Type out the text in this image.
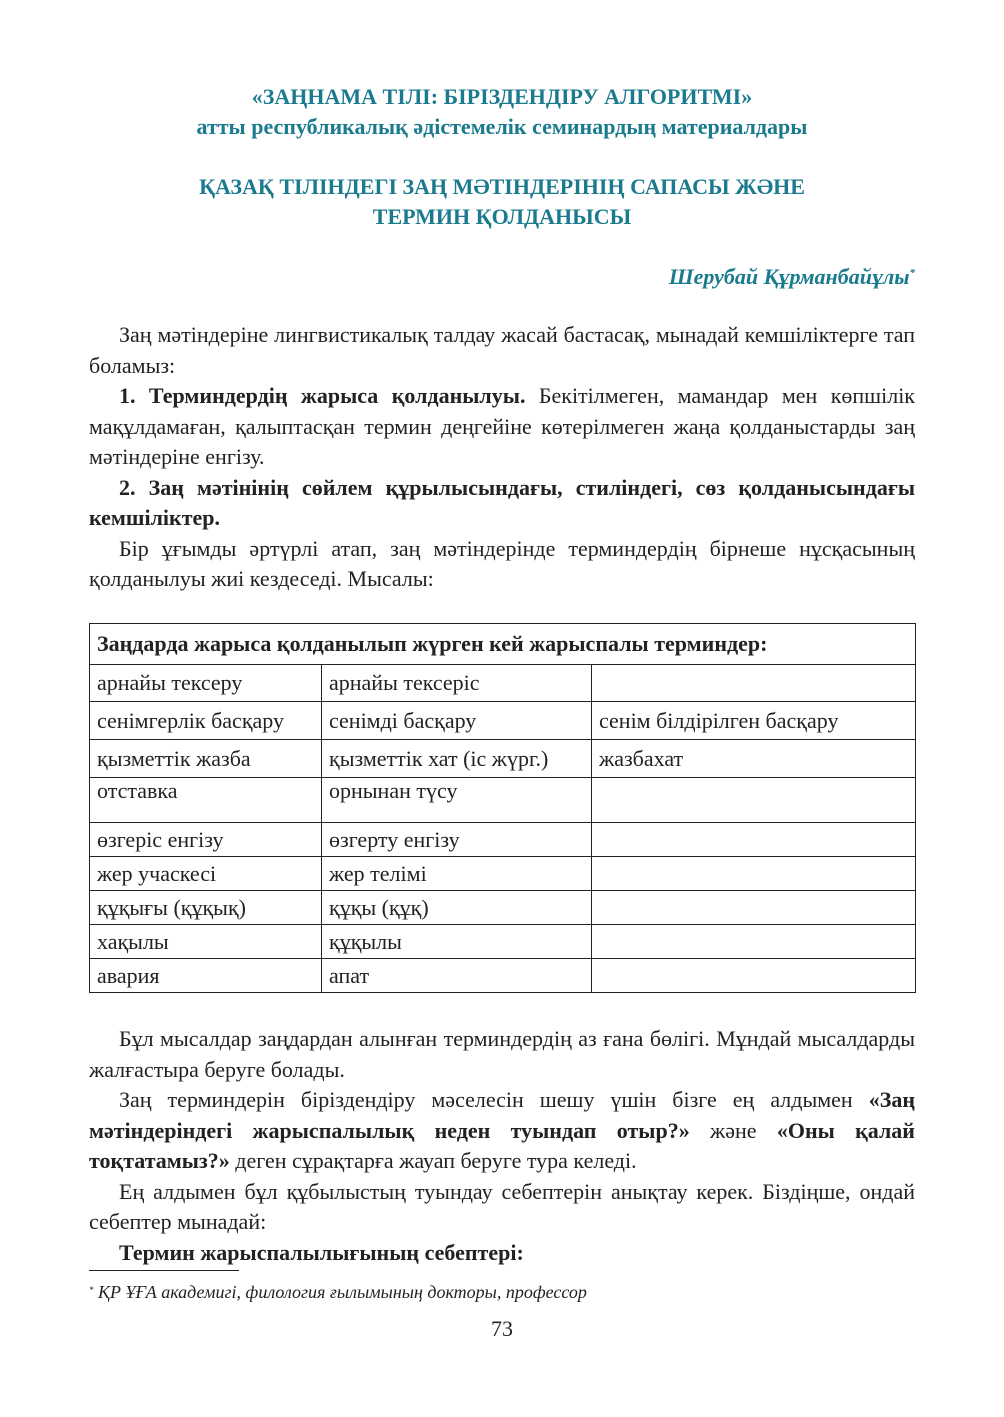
«ЗАҢНАМА ТІЛІ: БІРІЗДЕНДІРУ АЛГОРИТМІ»
атты республикалық әдістемелік семинардың материалдары
ҚАЗАҚ ТІЛІНДЕГІ ЗАҢ МӘТІНДЕРІНІҢ САПАСЫ ЖӘНЕ
ТЕРМИН ҚОЛДАНЫСЫ
Шерубай Құрманбайұлы*

Заң мәтіндеріне лингвистикалық талдау жасай бастасақ, мынадай кемшіліктерге тап боламыз:

1. Терминдердің жарыса қолданылуы. Бекітілмеген, мамандар мен көпшілік мақұлдамаған, қалыптасқан термин деңгейіне көтерілмеген жаңа қолданыстарды заң мәтіндеріне енгізу.

2. Заң мәтінінің сөйлем құрылысындағы, стиліндегі, сөз қолданысындағы кемшіліктер.

Бір ұғымды әртүрлі атап, заң мәтіндерінде терминдердің бірнеше нұсқасының қолданылуы жиі кездеседі. Мысалы:

Заңдарда жарыса қолданылып жүрген кей жарыспалы терминдер:		
арнайы тексеру	арнайы тексеріс	
сенімгерлік басқару	сенімді басқару	сенім білдірілген басқару
қызметтік жазба	қызметтік хат (іс жүрг.)	жазбахат
отставка	орнынан түсу	
өзгеріс енгізу	өзгерту енгізу	
жер учаскесі	жер телімі	
құқығы (құқық)	құқы (құқ)	
хақылы	құқылы	
авария	апат	

Бұл мысалдар заңдардан алынған терминдердің аз ғана бөлігі. Мұндай мысалдарды жалғастыра беруге болады.

Заң терминдерін біріздендіру мәселесін шешу үшін бізге ең алдымен «Заң мәтіндеріндегі жарыспалылық неден туындап отыр?» және «Оны қалай тоқтатамыз?» деген сұрақтарға жауап беруге тура келеді.

Ең алдымен бұл құбылыстың туындау себептерін анықтау керек. Біздіңше, ондай себептер мынадай:

Термин жарыспалылығының себептері:

* ҚР ҰҒА академигі, филология ғылымының докторы, профессор
73
